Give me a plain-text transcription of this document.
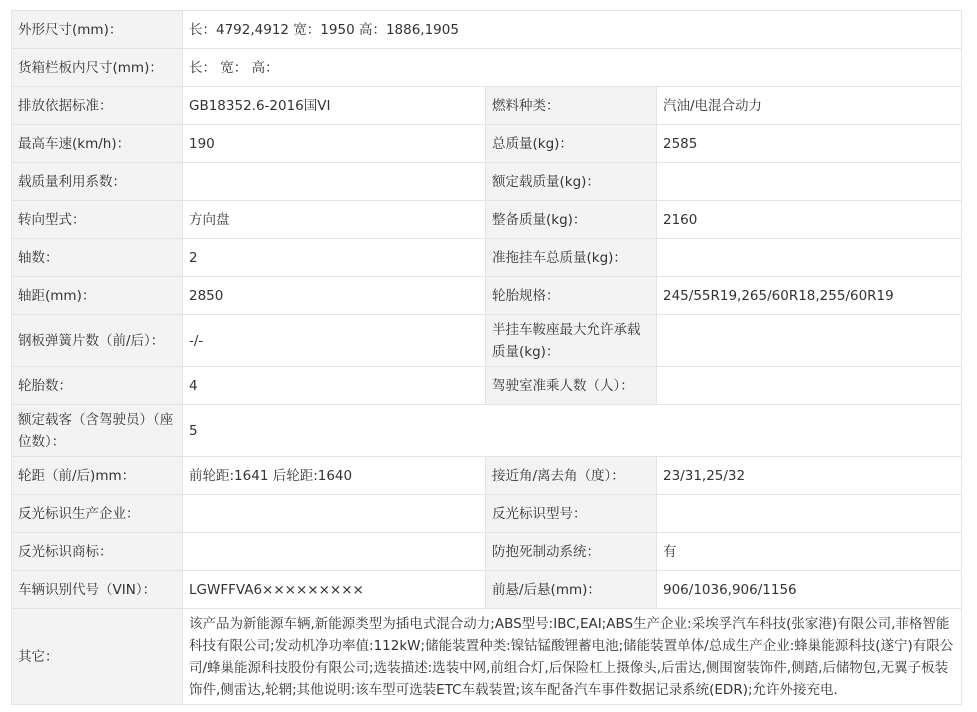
外形尺寸(mm)：	长：4792,4912 宽：1950 高：1886,1905		
货箱栏板内尺寸(mm)：	长： 宽： 高：		
排放依据标准：	GB18352.6-2016国VI	燃料种类：	汽油/电混合动力
最高车速(km/h)：	190	总质量(kg)：	2585
载质量利用系数：		额定载质量(kg)：	
转向型式：	方向盘	整备质量(kg)：	2160
轴数：	2	准拖挂车总质量(kg)：	
轴距(mm)：	2850	轮胎规格：	245/55R19,265/60R18,255/60R19
钢板弹簧片数（前/后）：	-/-	半挂车鞍座最大允许承载质量(kg)：	
轮胎数：	4	驾驶室准乘人数（人）：	
额定载客（含驾驶员）（座位数）：	5		
轮距（前/后)mm：	前轮距:1641 后轮距:1640	接近角/离去角（度）：	23/31,25/32
反光标识生产企业：		反光标识型号：	
反光标识商标：		防抱死制动系统：	有
车辆识别代号（VIN）：	LGWFFVA6×××××××××	前悬/后悬(mm)：	906/1036,906/1156
其它：	该产品为新能源车辆,新能源类型为插电式混合动力;ABS型号:IBC,EAI;ABS生产企业:采埃孚汽车科技(张家港)有限公司,菲格智能科技有限公司;发动机净功率值:112kW;储能装置种类:镍钴锰酸锂蓄电池;储能装置单体/总成生产企业:蜂巢能源科技(遂宁)有限公司/蜂巢能源科技股份有限公司;选装描述:选装中网,前组合灯,后保险杠上摄像头,后雷达,侧围窗装饰件,侧踏,后储物包,无翼子板装饰件,侧雷达,轮辋;其他说明:该车型可选装ETC车载装置;该车配备汽车事件数据记录系统(EDR);允许外接充电.		
